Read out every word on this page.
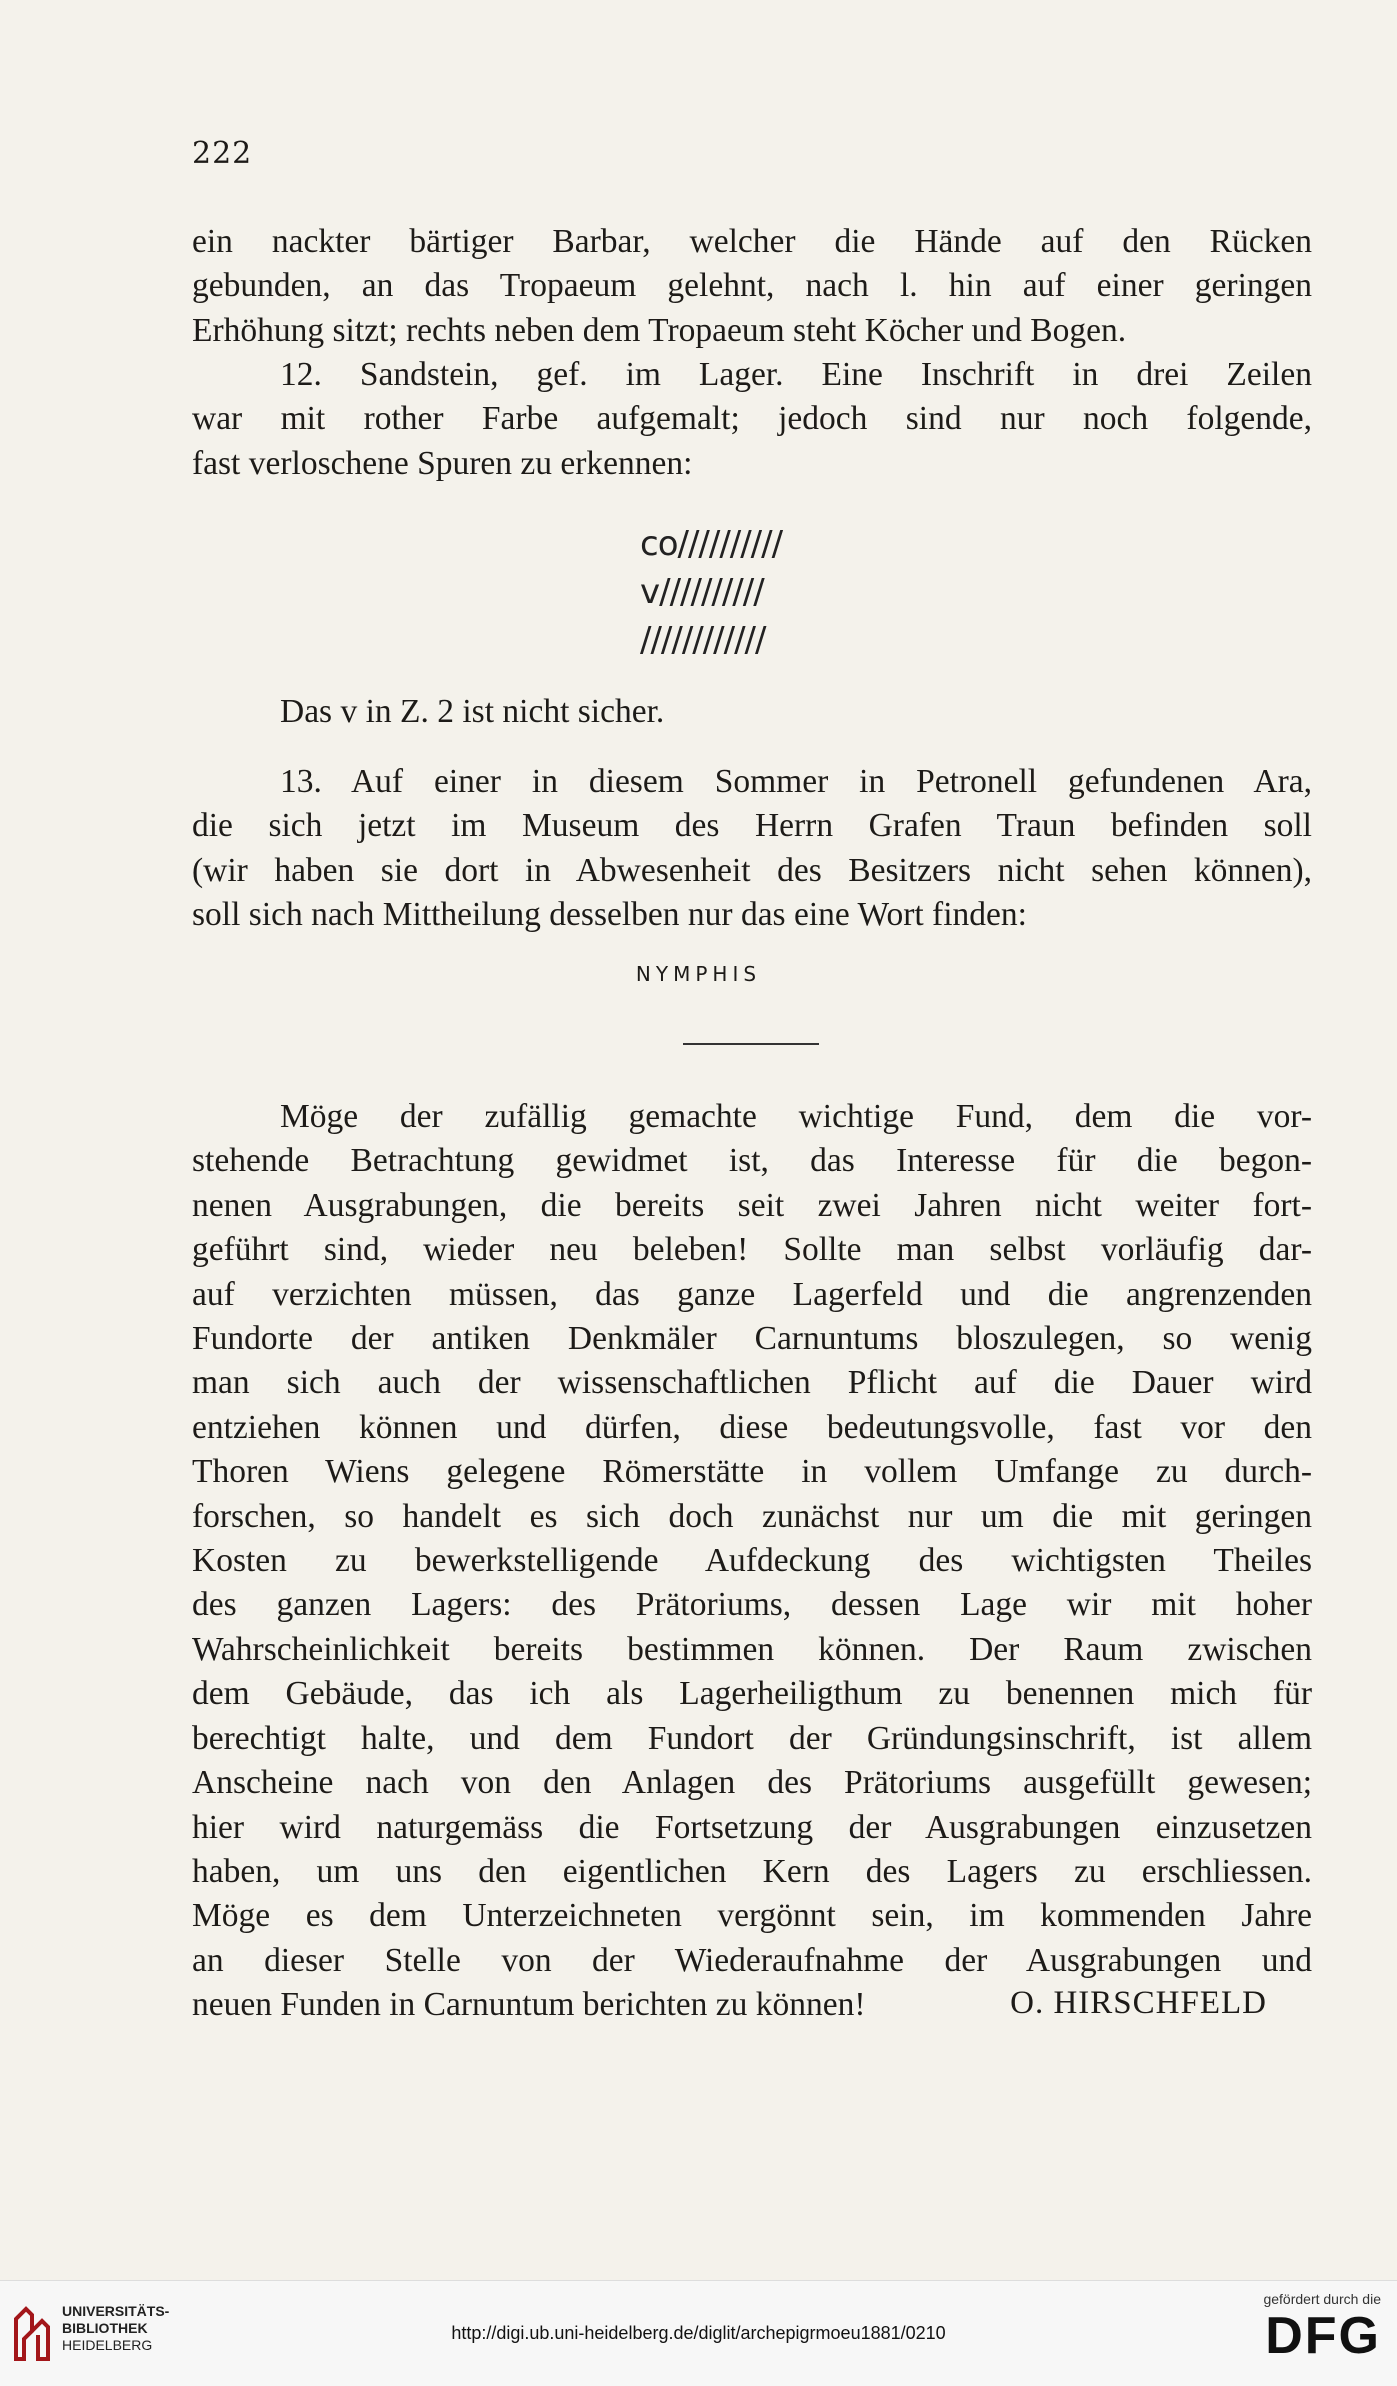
222
ein nackter bärtiger Barbar, welcher die Hände auf den Rücken
gebunden, an das Tropaeum gelehnt, nach l. hin auf einer geringen
Erhöhung sitzt; rechts neben dem Tropaeum steht Köcher und Bogen.
12. Sandstein, gef. im Lager. Eine Inschrift in drei Zeilen
war mit rother Farbe aufgemalt; jedoch sind nur noch folgende,
fast verloschene Spuren zu erkennen:
co//////////
v//////////
////////////
Das v in Z. 2 ist nicht sicher.
13. Auf einer in diesem Sommer in Petronell gefundenen Ara,
die sich jetzt im Museum des Herrn Grafen Traun befinden soll
(wir haben sie dort in Abwesenheit des Besitzers nicht sehen können),
soll sich nach Mittheilung desselben nur das eine Wort finden:
NYMPHIS
Möge der zufällig gemachte wichtige Fund, dem die vor-
stehende Betrachtung gewidmet ist, das Interesse für die begon-
nenen Ausgrabungen, die bereits seit zwei Jahren nicht weiter fort-
geführt sind, wieder neu beleben! Sollte man selbst vorläufig dar-
auf verzichten müssen, das ganze Lagerfeld und die angrenzenden
Fundorte der antiken Denkmäler Carnuntums bloszulegen, so wenig
man sich auch der wissenschaftlichen Pflicht auf die Dauer wird
entziehen können und dürfen, diese bedeutungsvolle, fast vor den
Thoren Wiens gelegene Römerstätte in vollem Umfange zu durch-
forschen, so handelt es sich doch zunächst nur um die mit geringen
Kosten zu bewerkstelligende Aufdeckung des wichtigsten Theiles
des ganzen Lagers: des Prätoriums, dessen Lage wir mit hoher
Wahrscheinlichkeit bereits bestimmen können. Der Raum zwischen
dem Gebäude, das ich als Lagerheiligthum zu benennen mich für
berechtigt halte, und dem Fundort der Gründungsinschrift, ist allem
Anscheine nach von den Anlagen des Prätoriums ausgefüllt gewesen;
hier wird naturgemäss die Fortsetzung der Ausgrabungen einzusetzen
haben, um uns den eigentlichen Kern des Lagers zu erschliessen.
Möge es dem Unterzeichneten vergönnt sein, im kommenden Jahre
an dieser Stelle von der Wiederaufnahme der Ausgrabungen und
neuen Funden in Carnuntum berichten zu können!	O. HIRSCHFELD
UNIVERSITÄTS-
BIBLIOTHEK
HEIDELBERG
http://digi.ub.uni-heidelberg.de/diglit/archepigrmoeu1881/0210
gefördert durch die
DFG
